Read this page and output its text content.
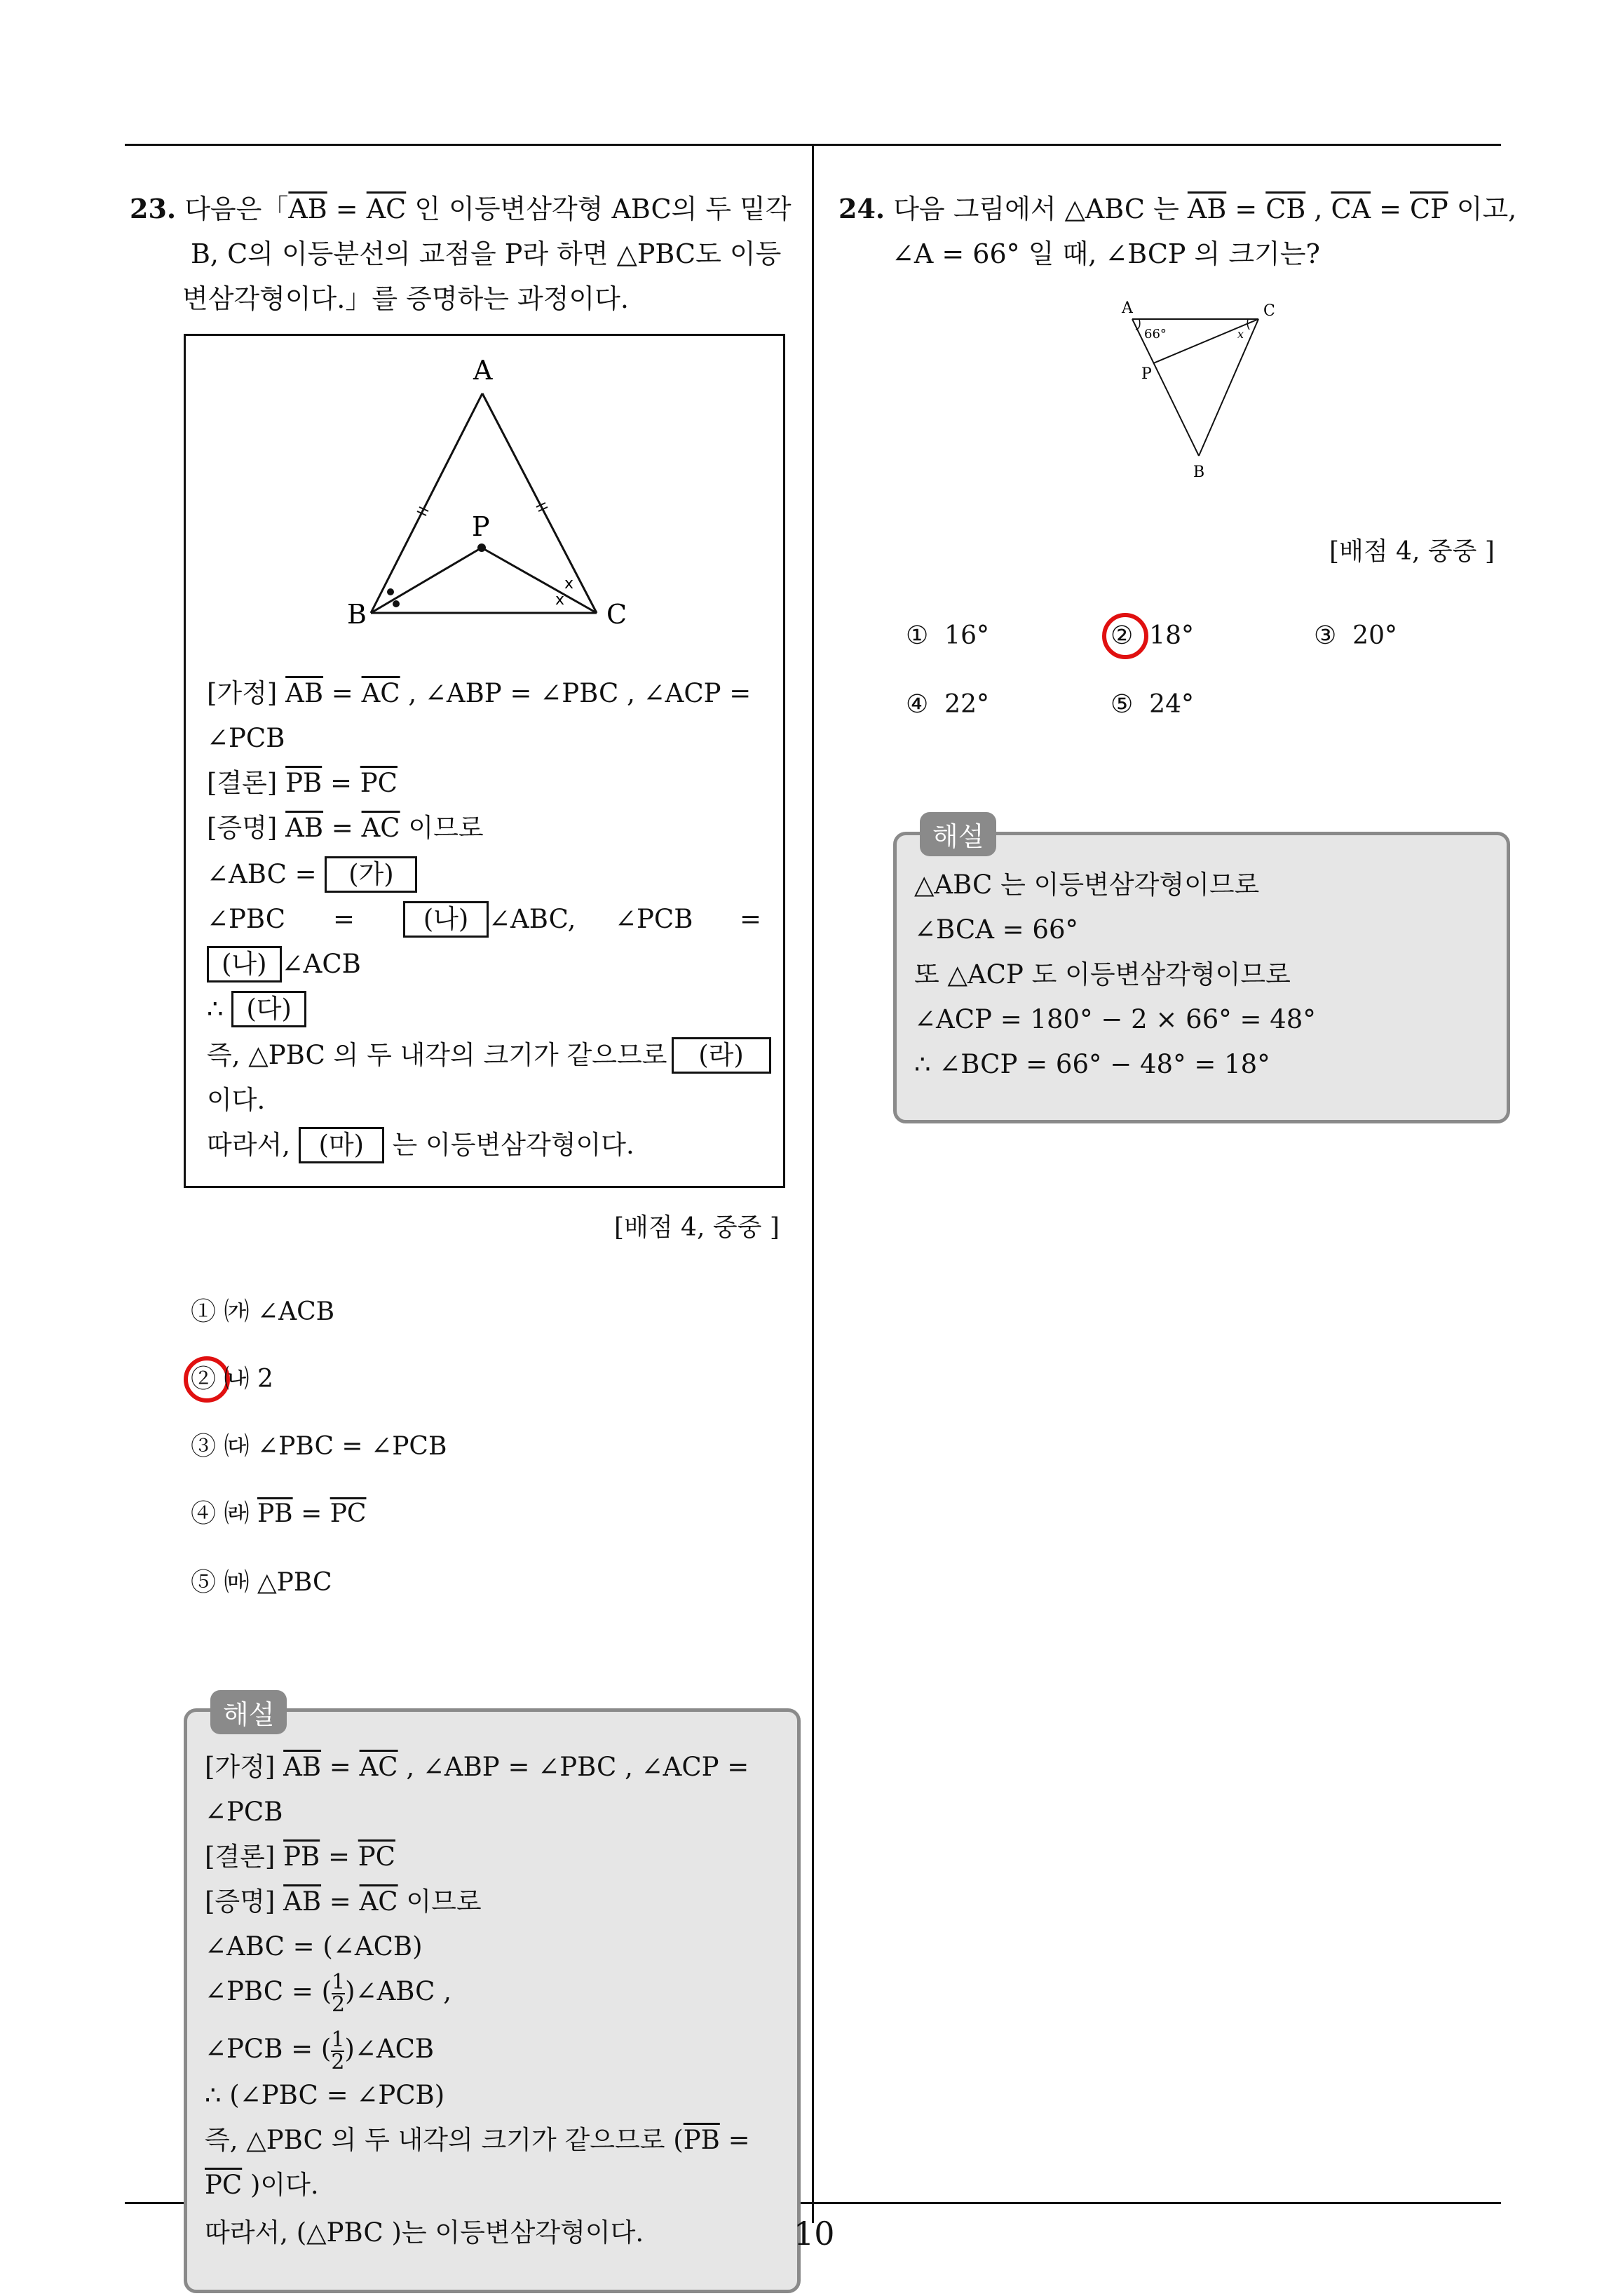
23. 다음은「$\overline{AB} = \overline{AC}$ 인 이등변삼각형 ABC의 두 밑각
B, C의 이등분선의 교점을 P라 하면 △PBC도 이등
변삼각형이다.」를 증명하는 과정이다.
x
x
A
B	C
P
[가정] $\overline{AB} = \overline{AC}$ , ∠ABP = ∠PBC , ∠ACP =
∠PCB
[결론] $\overline{PB} = \overline{PC}$
[증명] $\overline{AB} = \overline{AC}$ 이므로
∠ABC = (가)
∠PBC =	(나) ∠ABC, ∠PCB =
(나) ∠ACB
∴ (다)
즉, △PBC 의 두 내각의 크기가 같으므로 (라)
이다.
따라서, (마) 는 이등변삼각형이다.
[배점 4, 중중 ]
① ㈎ ∠ACB
② ㈏ 2
③ ㈐ ∠PBC = ∠PCB
④ ㈑ $\overline{PB} = \overline{PC}$
⑤ ㈒ △PBC
해설
[가정] $\overline{AB} = \overline{AC}$ , ∠ABP = ∠PBC , ∠ACP =
∠PCB
[결론] $\overline{PB} = \overline{PC}$
[증명] $\overline{AB} = \overline{AC}$ 이므로
∠ABC = (∠ACB)
∠PBC = ( $\frac{1}{2}$ )∠ABC ,
∠PCB = ( $\frac{1}{2}$ )∠ACB
∴ (∠PBC = ∠PCB)
즉, △PBC 의 두 내각의 크기가 같으므로 ($\overline{PB}$ =
$\overline{PC}$ )이다.
따라서, (△PBC )는 이등변삼각형이다.	10
24. 다음 그림에서 △ABC 는 $\overline{AB} = \overline{CB}$ , $\overline{CA} = \overline{CP}$ 이고,
∠A = 66° 일 때, ∠BCP 의 크기는?
A	C
P
B
66°	x
[배점 4, 중중 ]
① 16°	② 18°	③ 20°
④ 22°	⑤ 24°
해설
△ABC 는 이등변삼각형이므로
∠BCA = 66°
또 △ACP 도 이등변삼각형이므로
∠ACP = 180° − 2 × 66° = 48°
∴ ∠BCP = 66° − 48° = 18°
